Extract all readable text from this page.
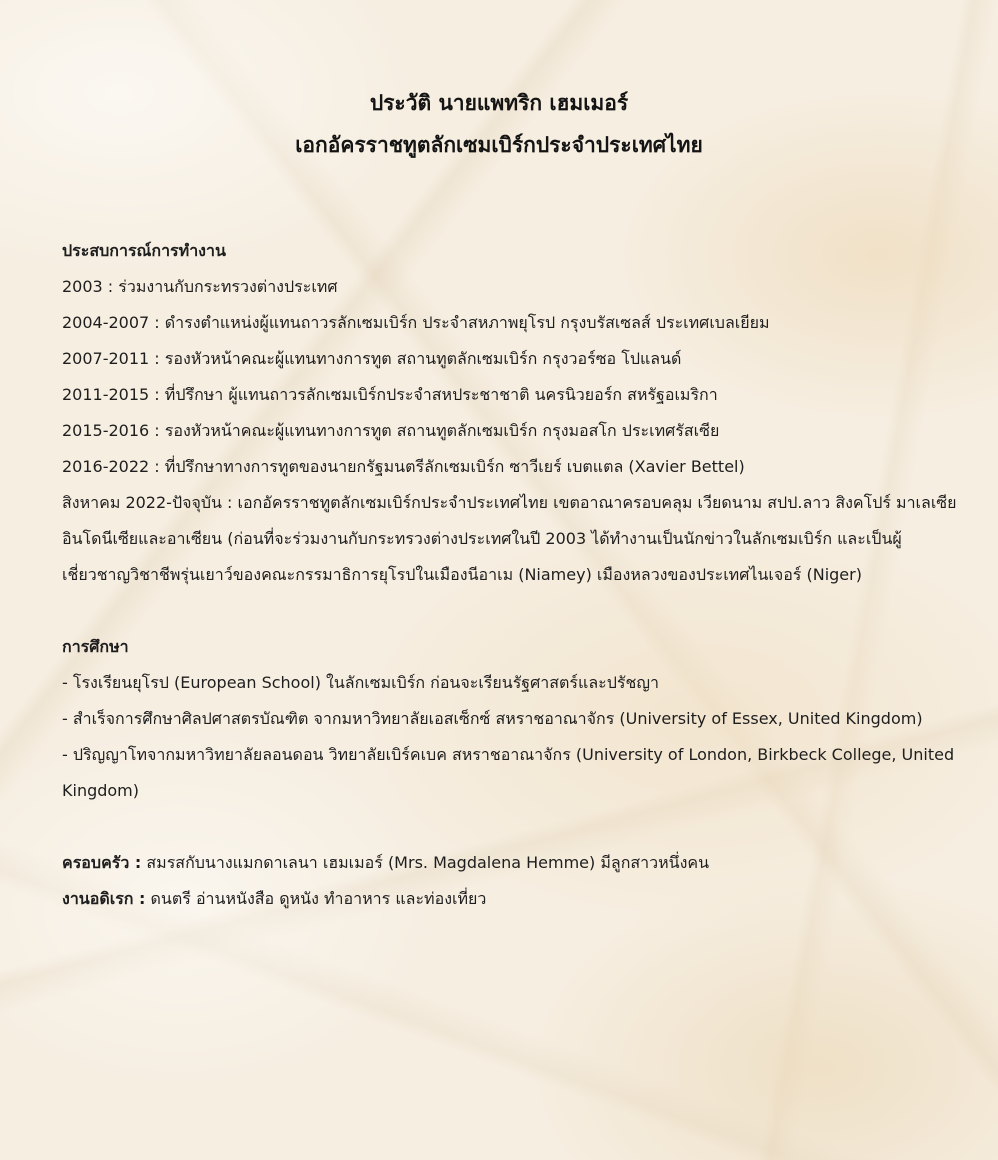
ประวัติ นายแพทริก เฮมเมอร์
เอกอัครราชทูตลักเซมเบิร์กประจำประเทศไทย
ประสบการณ์การทำงาน
2003 : ร่วมงานกับกระทรวงต่างประเทศ
2004-2007 : ดำรงตำแหน่งผู้แทนถาวรลักเซมเบิร์ก ประจำสหภาพยุโรป กรุงบรัสเซลส์ ประเทศเบลเยียม
2007-2011 : รองหัวหน้าคณะผู้แทนทางการทูต สถานทูตลักเซมเบิร์ก กรุงวอร์ซอ โปแลนด์
2011-2015 : ที่ปรึกษา ผู้แทนถาวรลักเซมเบิร์กประจำสหประชาชาติ นครนิวยอร์ก สหรัฐอเมริกา
2015-2016 : รองหัวหน้าคณะผู้แทนทางการทูต สถานทูตลักเซมเบิร์ก กรุงมอสโก ประเทศรัสเซีย
2016-2022 : ที่ปรึกษาทางการทูตของนายกรัฐมนตรีลักเซมเบิร์ก ซาวีเยร์ เบตแตล (Xavier Bettel)
สิงหาคม 2022-ปัจจุบัน : เอกอัครราชทูตลักเซมเบิร์กประจำประเทศไทย เขตอาณาครอบคลุม เวียดนาม สปป.ลาว สิงคโปร์ มาเลเซีย อินโดนีเซียและอาเซียน (ก่อนที่จะร่วมงานกับกระทรวงต่างประเทศในปี 2003 ได้ทำงานเป็นนักข่าวในลักเซมเบิร์ก และเป็นผู้เชี่ยวชาญวิชาชีพรุ่นเยาว์ของคณะกรรมาธิการยุโรปในเมืองนีอาเม (Niamey) เมืองหลวงของประเทศไนเจอร์ (Niger)
การศึกษา
- โรงเรียนยุโรป (European School) ในลักเซมเบิร์ก ก่อนจะเรียนรัฐศาสตร์และปรัชญา
- สำเร็จการศึกษาศิลปศาสตรบัณฑิต จากมหาวิทยาลัยเอสเซ็กซ์ สหราชอาณาจักร (University of Essex, United Kingdom)
- ปริญญาโทจากมหาวิทยาลัยลอนดอน วิทยาลัยเบิร์คเบค สหราชอาณาจักร (University of London, Birkbeck College, United Kingdom)
ครอบครัว : สมรสกับนางแมกดาเลนา เฮมเมอร์ (Mrs. Magdalena Hemme) มีลูกสาวหนึ่งคน
งานอดิเรก : ดนตรี อ่านหนังสือ ดูหนัง ทำอาหาร และท่องเที่ยว
